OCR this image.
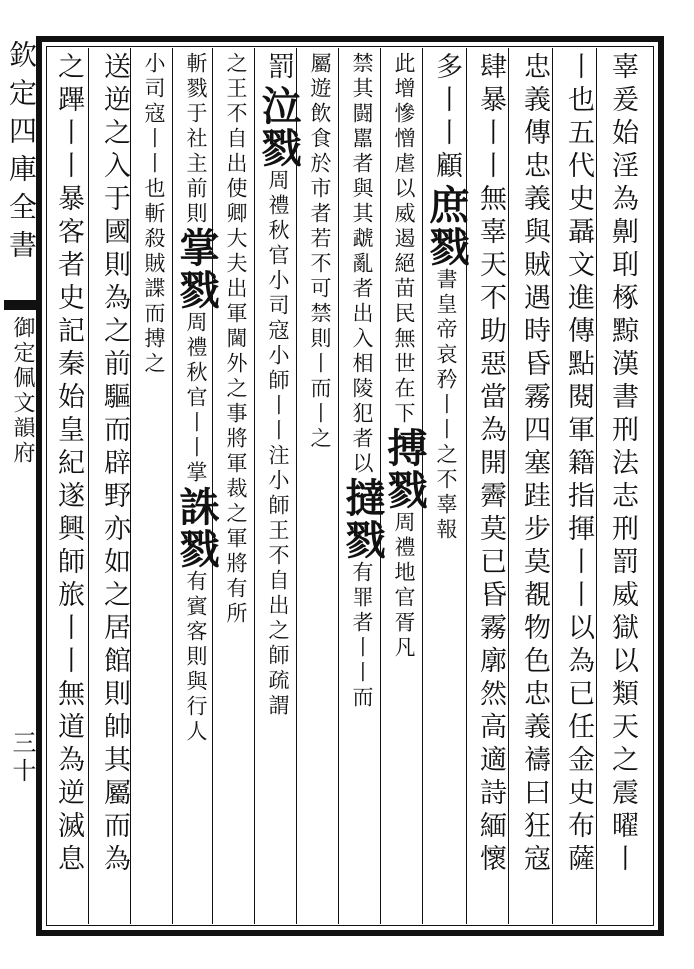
欽定四庫全書
御定佩文韻府
三十	辜爰始淫為劓刵椓黥漢書刑法志刑罰威獄以類天之震曜丨
丨也五代史聶文進傳點閱軍籍指揮丨丨以為已任金史布薩
忠義傳忠義與賊遇時昏霧四塞跬步莫覩物色忠義禱曰狂寇
肆暴丨丨無辜天不助惡當為開霽莫已昏霧廓然高適詩緬懷
多丨丨顧庶戮書皇帝哀矜丨丨之不辜報
此增慘憎虐以威遏絕苗民無世在下搏戮周禮地官胥凡
禁其闘嚚者與其虣亂者出入相陵犯者以撻戮有罪者丨丨而
屬遊飲食於市者若不可禁則丨而丨之
罰泣戮周禮秋官小司寇小師丨丨注小師王不自出之師疏謂
之王不自出使卿大夫出軍閫外之事將軍裁之軍將有所
斬戮于社主前則掌戮周禮秋官丨丨掌誅戮有賓客則與行人
小司寇丨丨也斬殺賊諜而搏之
送逆之入于國則為之前驅而辟野亦如之居館則帥其屬而為
之蹕丨丨暴客者史記秦始皇紀遂興師旅丨丨無道為逆滅息
